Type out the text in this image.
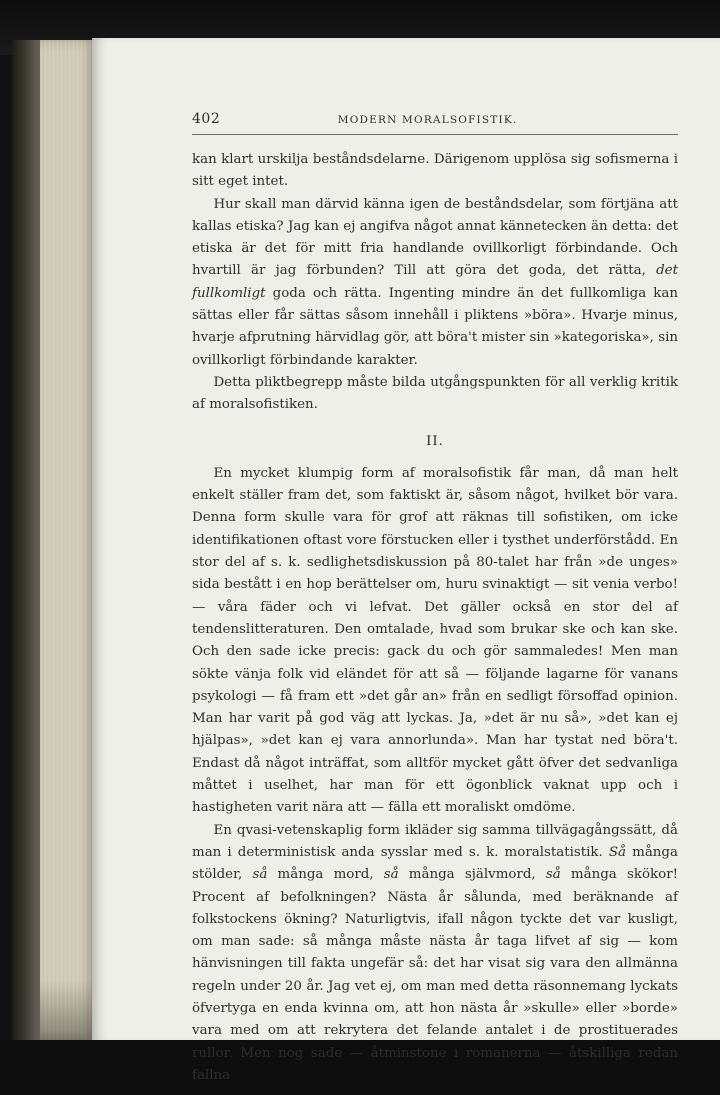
402	MODERN MORALSOFISTIK.

kan klart urskilja beståndsdelarne. Därigenom upplösa sig sofismerna i sitt eget intet.

Hur skall man därvid känna igen de beståndsdelar, som förtjäna att kallas etiska? Jag kan ej angifva något annat kännetecken än detta: det etiska är det för mitt fria handlande ovillkorligt förbindande. Och hvartill är jag förbunden? Till att göra det goda, det rätta, det fullkomligt goda och rätta. Ingenting mindre än det fullkomliga kan sättas eller får sättas såsom innehåll i pliktens »böra». Hvarje minus, hvarje afprutning härvidlag gör, att böra't mister sin »kategoriska», sin ovillkorligt förbindande karakter.

Detta pliktbegrepp måste bilda utgångspunkten för all verklig kritik af moralsofistiken.

II.

En mycket klumpig form af moralsofistik får man, då man helt enkelt ställer fram det, som faktiskt är, såsom något, hvilket bör vara. Denna form skulle vara för grof att räknas till sofistiken, om icke identifikationen oftast vore förstucken eller i tysthet underförstådd. En stor del af s. k. sedlighetsdiskussion på 80-talet har från »de unges» sida bestått i en hop berättelser om, huru svinaktigt — sit venia verbo! — våra fäder och vi lefvat. Det gäller också en stor del af tendenslitteraturen. Den omtalade, hvad som brukar ske och kan ske. Och den sade icke precis: gack du och gör sammaledes! Men man sökte vänja folk vid eländet för att så — följande lagarne för vanans psykologi — få fram ett »det går an» från en sedligt försoffad opinion. Man har varit på god väg att lyckas. Ja, »det är nu så», »det kan ej hjälpas», »det kan ej vara annorlunda». Man har tystat ned böra't. Endast då något inträffat, som alltför mycket gått öfver det sedvanliga måttet i uselhet, har man för ett ögonblick vaknat upp och i hastigheten varit nära att — fälla ett moraliskt omdöme.

En qvasi-vetenskaplig form ikläder sig samma tillvägagångssätt, då man i deterministisk anda sysslar med s. k. moralstatistik. Så många stölder, så många mord, så många självmord, så många skökor! Procent af befolkningen? Nästa år sålunda, med beräknande af folkstockens ökning? Naturligtvis, ifall någon tyckte det var kusligt, om man sade: så många måste nästa år taga lifvet af sig — kom hänvisningen till fakta ungefär så: det har visat sig vara den allmänna regeln under 20 år. Jag vet ej, om man med detta räsonnemang lyckats öfvertyga en enda kvinna om, att hon nästa år »skulle» eller »borde» vara med om att rekrytera det felande antalet i de prostituerades rullor. Men nog sade — åtminstone i romanerna — åtskilliga redan fallna
